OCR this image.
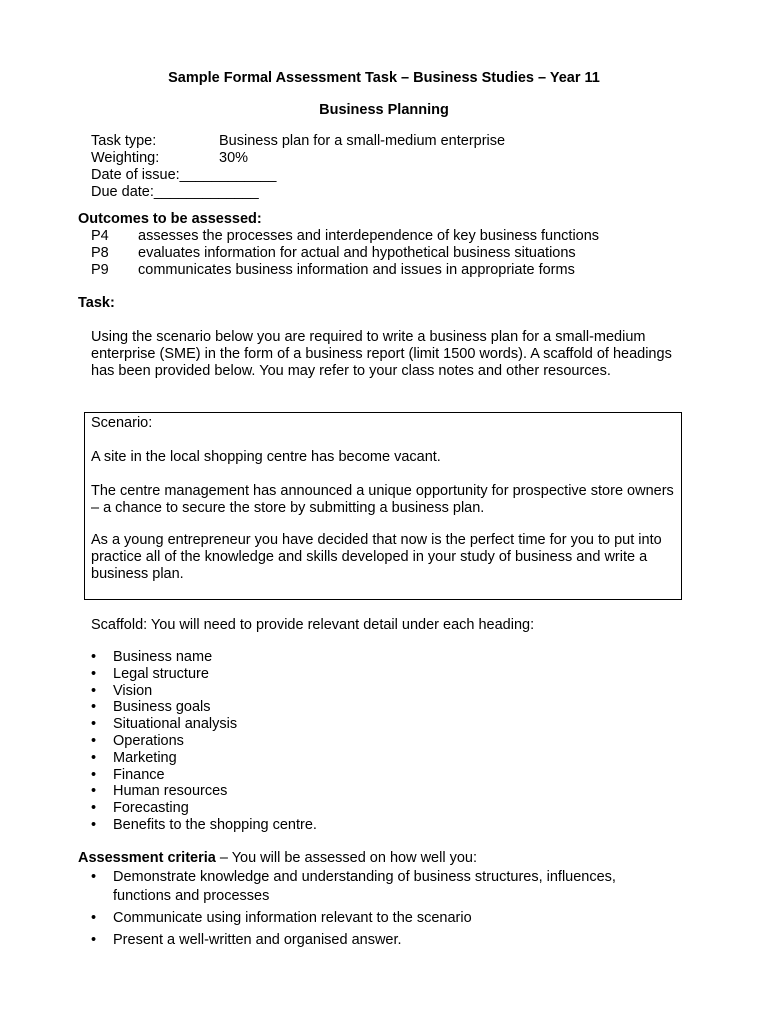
Sample Formal Assessment Task – Business Studies – Year 11
Business Planning
Task type:	Business plan for a small-medium enterprise
Weighting:	30%
Date of issue:____________
Due date:_____________
Outcomes to be assessed:
P4 assesses the processes and interdependence of key business functions
P8 evaluates information for actual and hypothetical business situations
P9 communicates business information and issues in appropriate forms
Task:
Using the scenario below you are required to write a business plan for a small-medium enterprise (SME) in the form of a business report (limit 1500 words). A scaffold of headings has been provided below. You may refer to your class notes and other resources.

Scenario:

A site in the local shopping centre has become vacant.

The centre management has announced a unique opportunity for prospective store owners – a chance to secure the store by submitting a business plan.

As a young entrepreneur you have decided that now is the perfect time for you to put into practice all of the knowledge and skills developed in your study of business and write a business plan.

Scaffold: You will need to provide relevant detail under each heading:
• Business name
• Legal structure
• Vision
• Business goals
• Situational analysis
• Operations
• Marketing
• Finance
• Human resources
• Forecasting
• Benefits to the shopping centre.
Assessment criteria – You will be assessed on how well you:
• Demonstrate knowledge and understanding of business structures, influences, functions and processes
• Communicate using information relevant to the scenario
• Present a well-written and organised answer.
